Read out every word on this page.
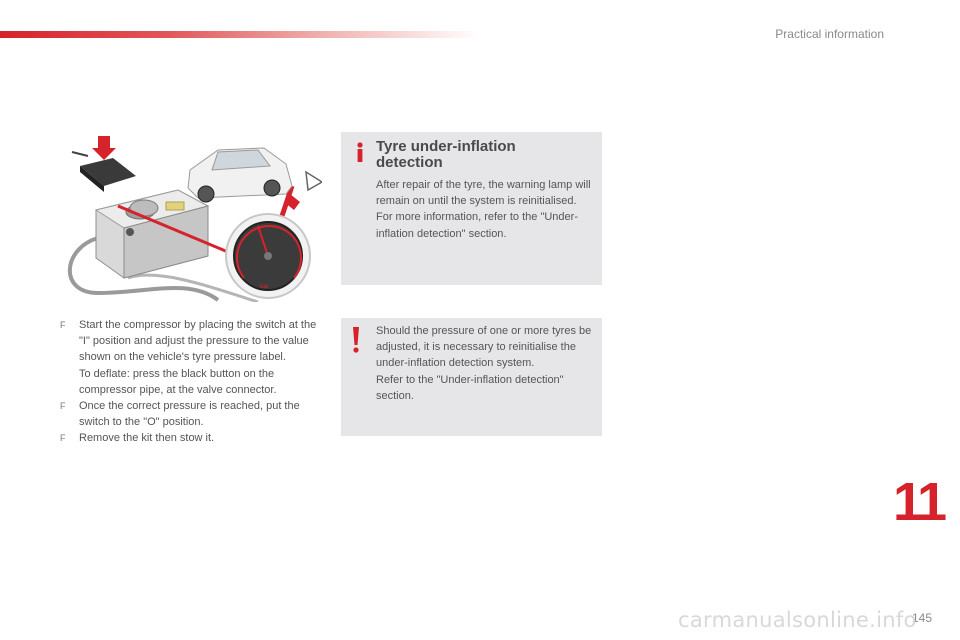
Practical information
bar
F Start the compressor by placing the switch at the "I" position and adjust the pressure to the value shown on the vehicle's tyre pressure label.
To deflate: press the black button on the compressor pipe, at the valve connector.
F Once the correct pressure is reached, put the switch to the "O" position.
F Remove the kit then stow it.
Tyre under-inflation detection
After repair of the tyre, the warning lamp will remain on until the system is reinitialised.
For more information, refer to the "Under-inflation detection" section.
Should the pressure of one or more tyres be adjusted, it is necessary to reinitialise the under-inflation detection system.
Refer to the "Under-inflation detection" section.
11
145
carmanualsonline.info
